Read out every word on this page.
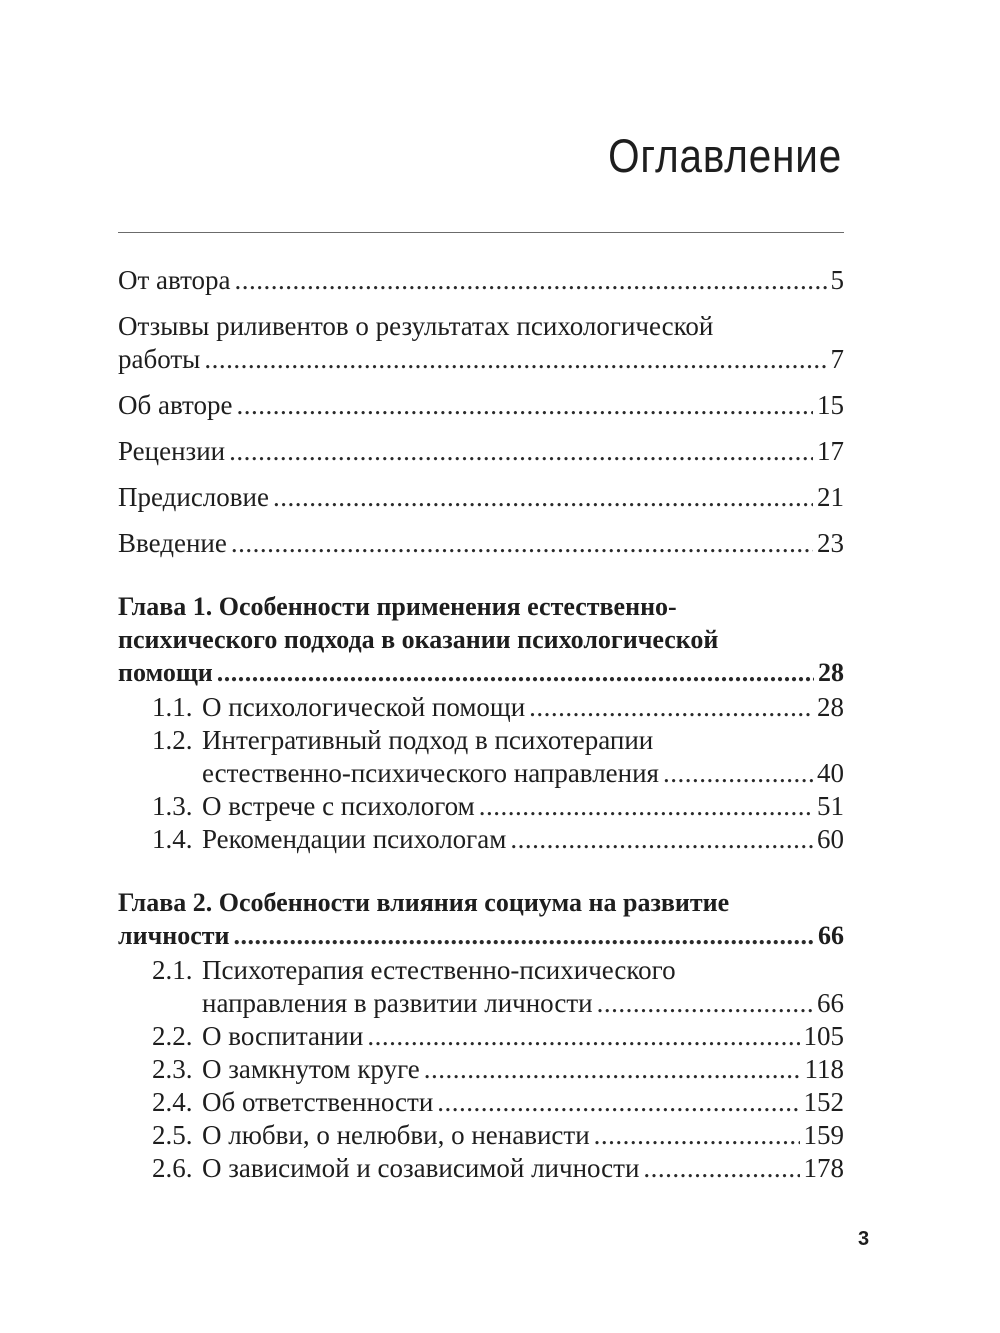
Оглавление
От автора .....	5
Отзывы риливентов о результатах психологической
работы .....	7
Об авторе .....	15
Рецензии .....	17
Предисловие .....	21
Введение .....	23
Глава 1. Особенности применения естественно-
психического подхода в оказании психологической
помощи .....	28
1.1. О психологической помощи .....	28
1.2. Интегративный подход в психотерапии
естественно-психического направления .....	40
1.3. О встрече с психологом .....	51
1.4. Рекомендации психологам .....	60
Глава 2. Особенности влияния социума на развитие
личности .....	66
2.1. Психотерапия естественно-психического
направления в развитии личности .....	66
2.2. О воспитании .....	105
2.3. О замкнутом круге .....	118
2.4. Об ответственности .....	152
2.5. О любви, о нелюбви, о ненависти .....	159
2.6. О зависимой и созависимой личности .....	178
3
